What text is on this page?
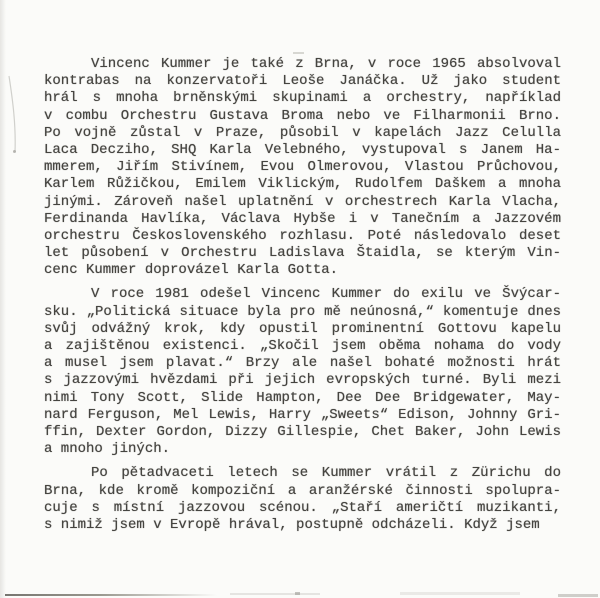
Vincenc Kummer je také z Brna, v roce 1965 absolvoval
kontrabas na konzervatoři Leoše Janáčka. Už jako student
hrál s mnoha brněnskými skupinami a orchestry, například
v combu Orchestru Gustava Broma nebo ve Filharmonii Brno.
Po vojně zůstal v Praze, působil v kapelách Jazz Celulla
Laca Decziho, SHQ Karla Velebného, vystupoval s Janem Ha-
mmerem, Jiřím Stivínem, Evou Olmerovou, Vlastou Průchovou,
Karlem Růžičkou, Emilem Viklickým, Rudolfem Daškem a mnoha
jinými. Zároveň našel uplatnění v orchestrech Karla Vlacha,
Ferdinanda Havlíka, Václava Hybše i v Tanečním a Jazzovém
orchestru Československého rozhlasu. Poté následovalo deset
let působení v Orchestru Ladislava Štaidla, se kterým Vin-
cenc Kummer doprovázel Karla Gotta.
V roce 1981 odešel Vincenc Kummer do exilu ve Švýcar-
sku. „Politická situace byla pro mě neúnosná,“ komentuje dnes
svůj odvážný krok, kdy opustil prominentní Gottovu kapelu
a zajištěnou existenci. „Skočil jsem oběma nohama do vody
a musel jsem plavat.“ Brzy ale našel bohaté možnosti hrát
s jazzovými hvězdami při jejich evropských turné. Byli mezi
nimi Tony Scott, Slide Hampton, Dee Dee Bridgewater, May-
nard Ferguson, Mel Lewis, Harry „Sweets“ Edison, Johnny Gri-
ffin, Dexter Gordon, Dizzy Gillespie, Chet Baker, John Lewis
a mnoho jiných.
Po pětadvaceti letech se Kummer vrátil z Zürichu do
Brna, kde kromě kompoziční a aranžérské činnosti spolupra-
cuje s místní jazzovou scénou. „Staří američtí muzikanti,
s nimiž jsem v Evropě hrával, postupně odcházeli. Když jsem
